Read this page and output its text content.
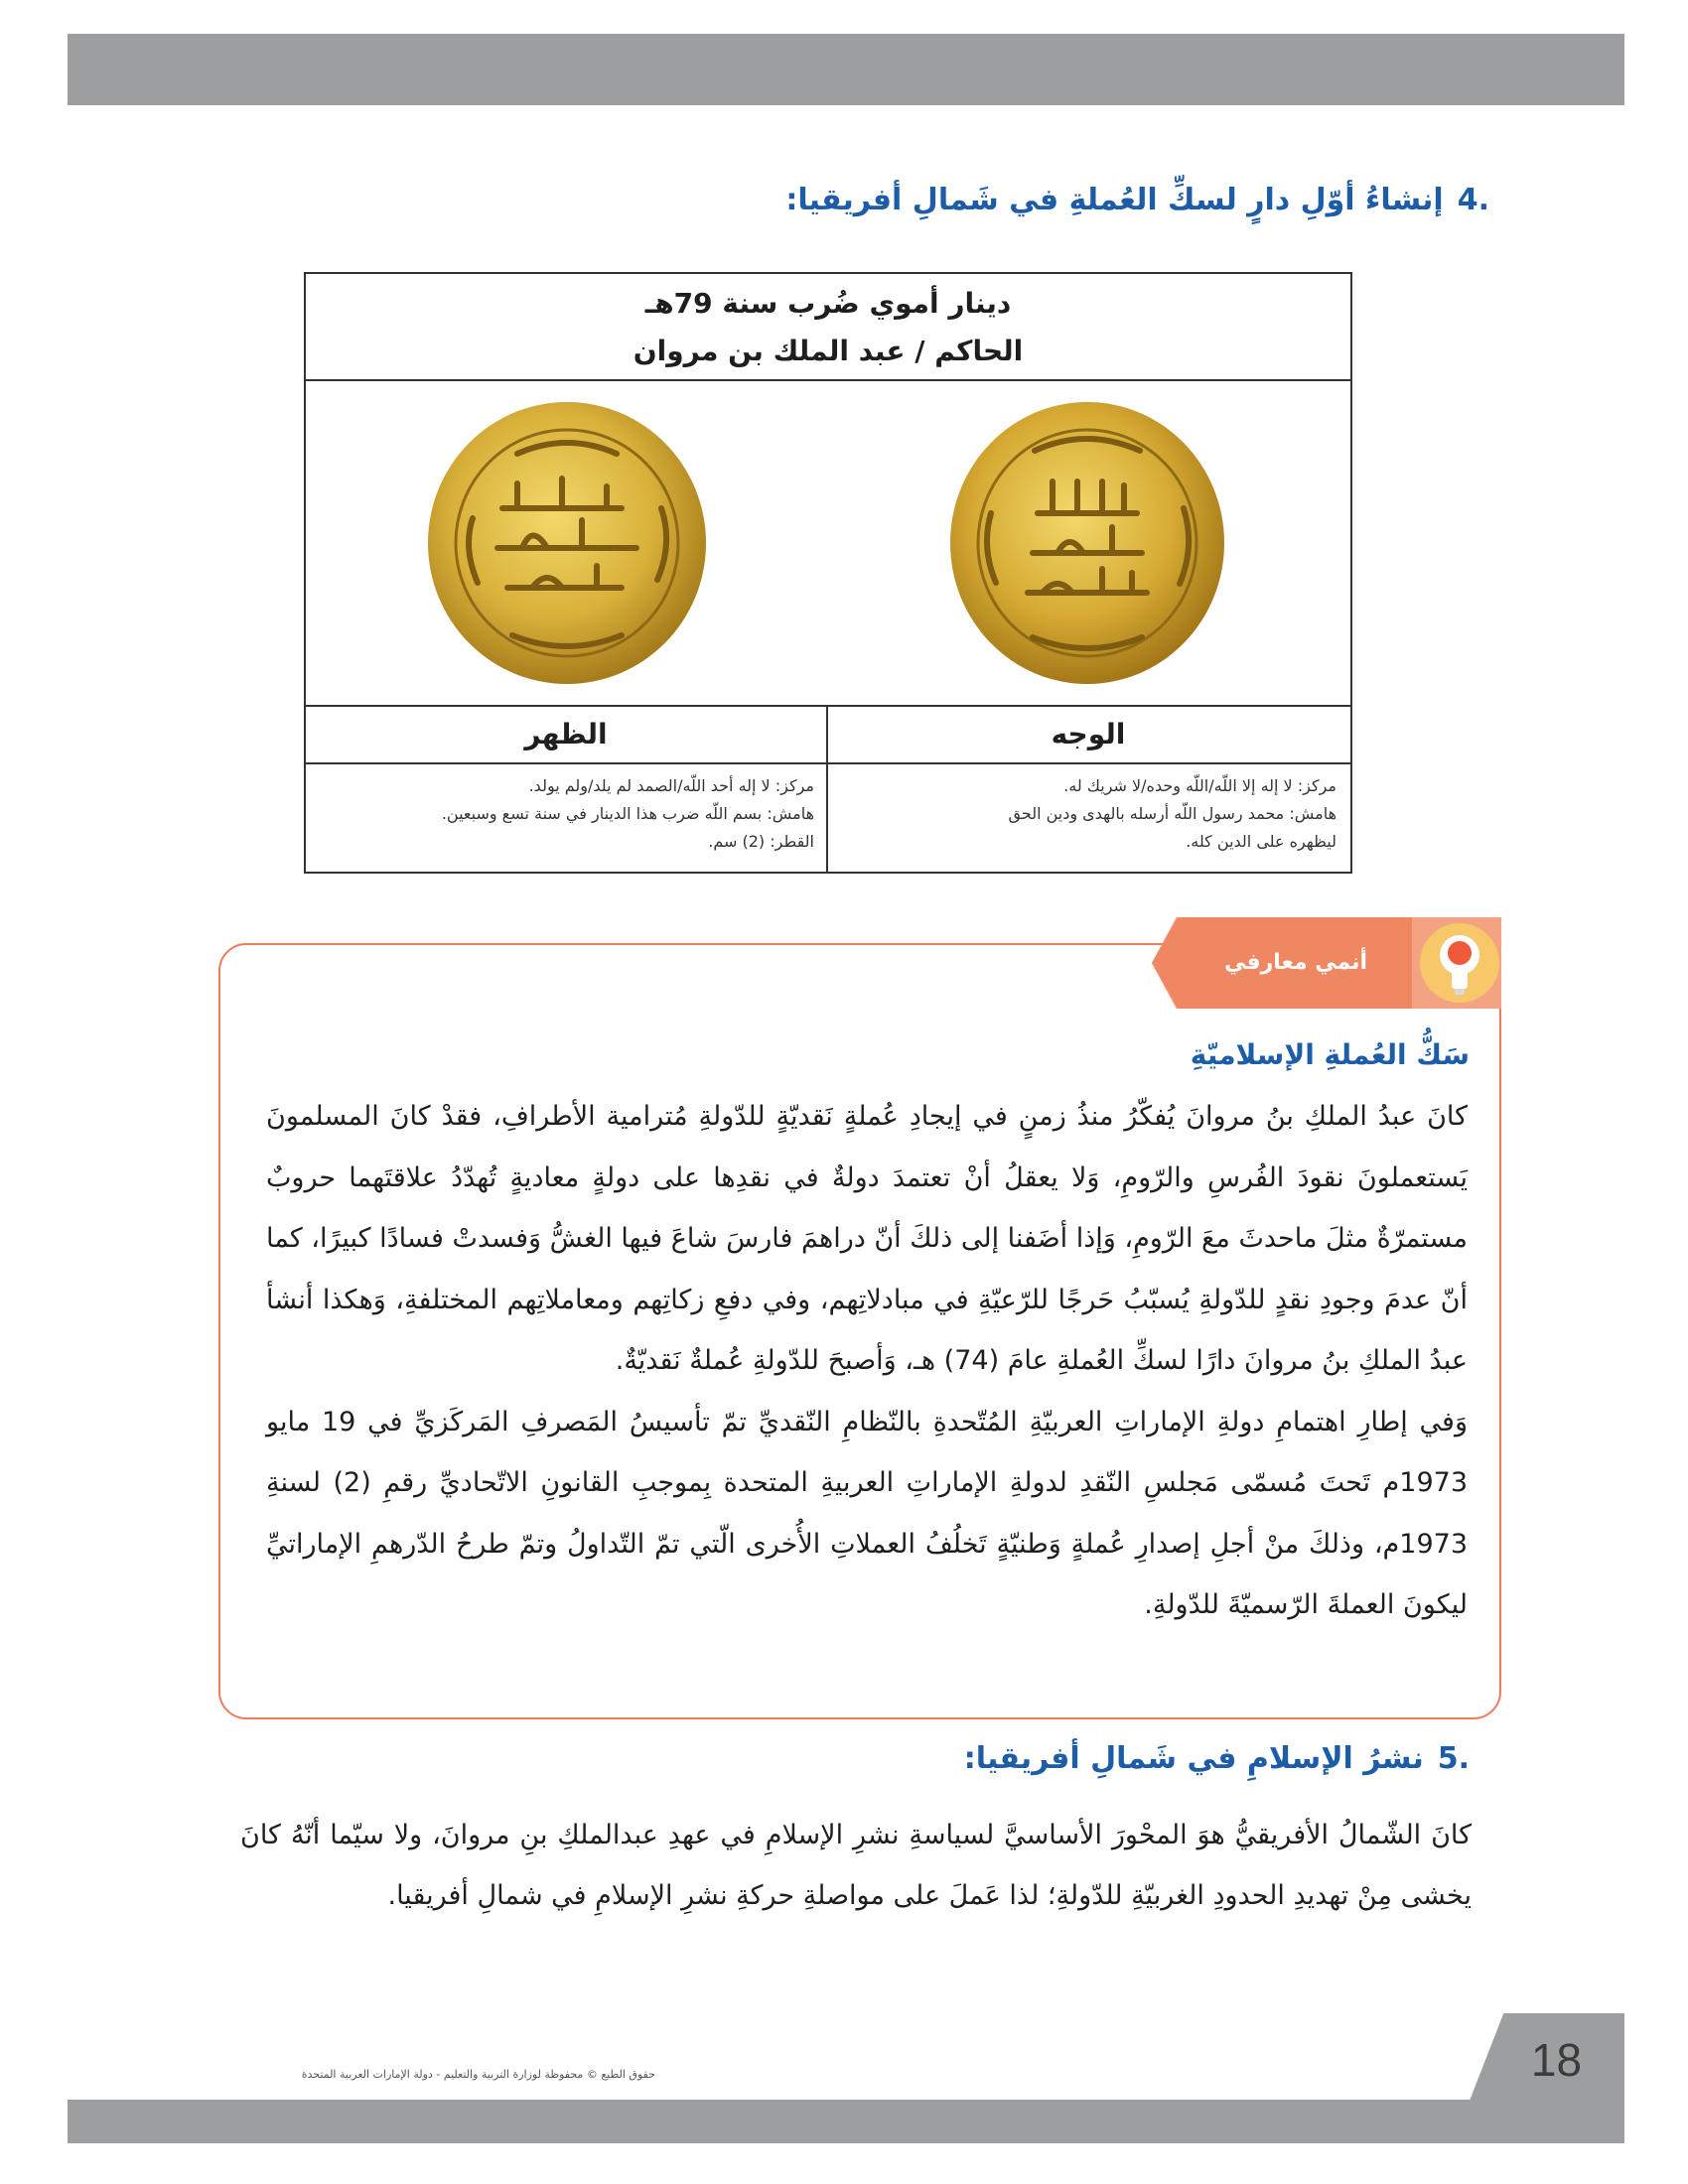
.4إنشاءُ أوّلِ دارٍ لسكِّ العُملةِ في شَمالِ أفريقيا:
دينار أموي ضُرب سنة 79هـ
الحاكم / عبد الملك بن مروان
الظهر	الوجه
مركز: لا إله أحد اللّه/الصمد لم يلد/ولم يولد.
هامش: بسم اللّه ضرب هذا الدينار في سنة تسع وسبعين.
القطر: (2) سم.
مركز: لا إله إلا اللّه/اللّه وحده/لا شريك له.
هامش: محمد رسول اللّه أرسله بالهدى ودين الحق
ليظهره على الدين كله.
أنمي معارفي
سَكُّ العُملةِ الإسلاميّةِ

كانَ عبدُ الملكِ بنُ مروانَ يُفكّرُ منذُ زمنٍ في إيجادِ عُملةٍ نَقديّةٍ للدّولةِ مُترامية الأطرافِ، فقدْ كانَ المسلمونَ يَستعملونَ نقودَ الفُرسِ والرّومِ، وَلا يعقلُ أنْ تعتمدَ دولةٌ في نقدِها على دولةٍ معاديةٍ تُهدّدُ علاقتَهما حروبٌ مستمرّةٌ مثلَ ماحدثَ معَ الرّومِ، وَإذا أضَفنا إلى ذلكَ أنّ دراهمَ فارسَ شاعَ فيها الغشُّ وَفسدتْ فسادًا كبيرًا، كما أنّ عدمَ وجودِ نقدٍ للدّولةِ يُسبّبُ حَرجًا للرّعيّةِ في مبادلاتِهم، وفي دفعِ زكاتِهم ومعاملاتِهم المختلفةِ، وَهكذا أنشأ عبدُ الملكِ بنُ مروانَ دارًا لسكِّ العُملةِ عامَ (74) هـ، وَأصبحَ للدّولةِ عُملةٌ نَقديّةٌ.

وَفي إطارِ اهتمامِ دولةِ الإماراتِ العربيّةِ المُتّحدةِ بالنّظامِ النّقديِّ تمّ تأسيسُ المَصرفِ المَركَزيِّ في 19 مايو 1973م تَحتَ مُسمّى مَجلسِ النّقدِ لدولةِ الإماراتِ العربيةِ المتحدة بِموجبِ القانونِ الاتّحاديِّ رقمِ (2) لسنةِ 1973م، وذلكَ منْ أجلِ إصدارِ عُملةٍ وَطنيّةٍ تَخلُفُ العملاتِ الأُخرى الّتي تمّ التّداولُ وتمّ طرحُ الدّرهمِ الإماراتيِّ ليكونَ العملةَ الرّسميّةَ للدّولةِ.

.5نشرُ الإسلامِ في شَمالِ أفريقيا:
كانَ الشّمالُ الأفريقيُّ هوَ المحْورَ الأساسيَّ لسياسةِ نشرِ الإسلامِ في عهدِ عبدالملكِ بنِ مروانَ، ولا سيّما أنّهُ كانَ يخشى مِنْ تهديدِ الحدودِ الغربيّةِ للدّولةِ؛ لذا عَملَ على مواصلةِ حركةِ نشرِ الإسلامِ في شمالِ أفريقيا.
حقوق الطبع © محفوظة لوزارة التربية والتعليم - دولة الإمارات العربية المتحدة	18
